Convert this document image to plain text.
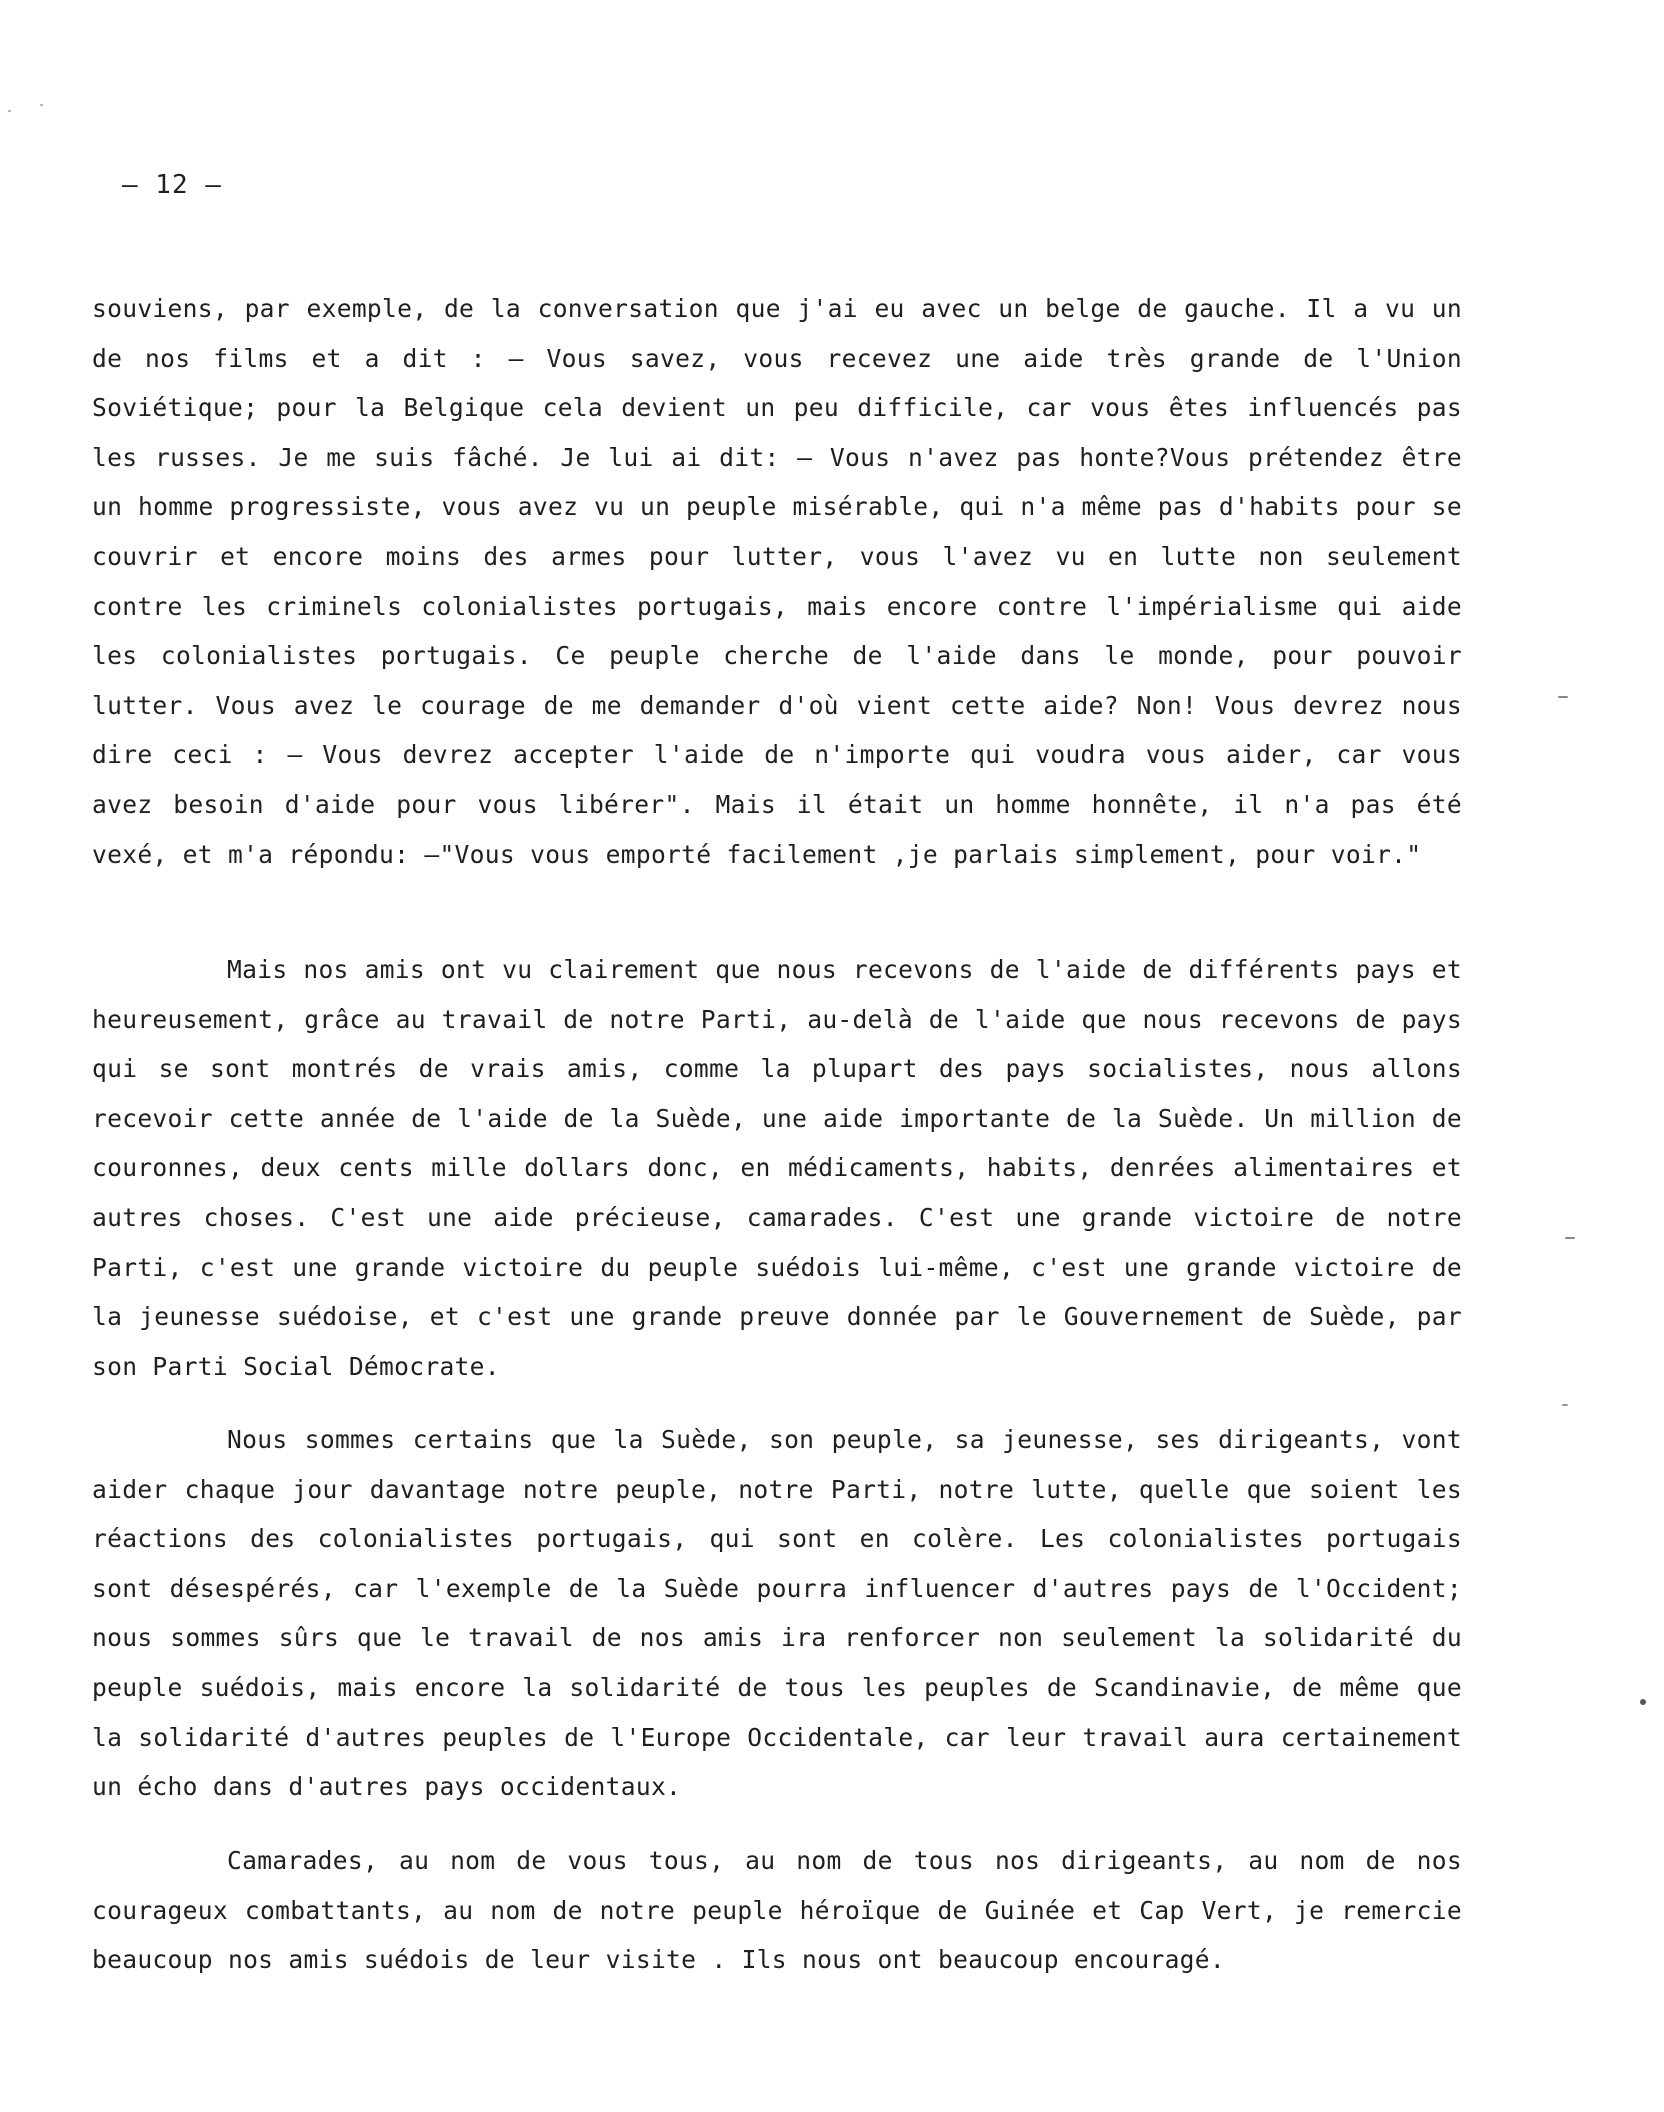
– 12 –

souviens, par exemple, de la conversation que j'ai eu avec un belge de gauche. Il a vu un de nos films et a dit : – Vous savez, vous recevez une aide très grande de l'Union Soviétique; pour la Belgique cela devient un peu difficile, car vous êtes influencés pas les russes. Je me suis fâché. Je lui ai dit: – Vous n'avez pas honte?Vous prétendez être un homme progressiste, vous avez vu un peuple misérable, qui n'a même pas d'habits pour se couvrir et encore moins des armes pour lutter, vous l'avez vu en lutte non seulement contre les criminels colonialistes portugais, mais encore contre l'impérialisme qui aide les colonialistes portugais. Ce peuple cherche de l'aide dans le monde, pour pouvoir lutter. Vous avez le courage de me demander d'où vient cette aide? Non! Vous devrez nous dire ceci : – Vous devrez accepter l'aide de n'importe qui voudra vous aider, car vous avez besoin d'aide pour vous libérer". Mais il était un homme honnête, il n'a pas été vexé, et m'a répondu: –"Vous vous emporté facilement ,je parlais simplement, pour voir."

Mais nos amis ont vu clairement que nous recevons de l'aide de différents pays et heureusement, grâce au travail de notre Parti, au-delà de l'aide que nous recevons de pays qui se sont montrés de vrais amis, comme la plupart des pays socialistes, nous allons recevoir cette année de l'aide de la Suède, une aide importante de la Suède. Un million de couronnes, deux cents mille dollars donc, en médicaments, habits, denrées alimentaires et autres choses. C'est une aide précieuse, camarades. C'est une grande victoire de notre Parti, c'est une grande victoire du peuple suédois lui-même, c'est une grande victoire de la jeunesse suédoise, et c'est une grande preuve donnée par le Gouvernement de Suède, par son Parti Social Démocrate.

Nous sommes certains que la Suède, son peuple, sa jeunesse, ses dirigeants, vont aider chaque jour davantage notre peuple, notre Parti, notre lutte, quelle que soient les réactions des colonialistes portugais, qui sont en colère. Les colonialistes portugais sont désespérés, car l'exemple de la Suède pourra influencer d'autres pays de l'Occident; nous sommes sûrs que le travail de nos amis ira renforcer non seulement la solidarité du peuple suédois, mais encore la solidarité de tous les peuples de Scandinavie, de même que la solidarité d'autres peuples de l'Europe Occidentale, car leur travail aura certainement un écho dans d'autres pays occidentaux.

Camarades, au nom de vous tous, au nom de tous nos dirigeants, au nom de nos courageux combattants, au nom de notre peuple héroïque de Guinée et Cap Vert, je remercie beaucoup nos amis suédois de leur visite . Ils nous ont beaucoup encouragé.
